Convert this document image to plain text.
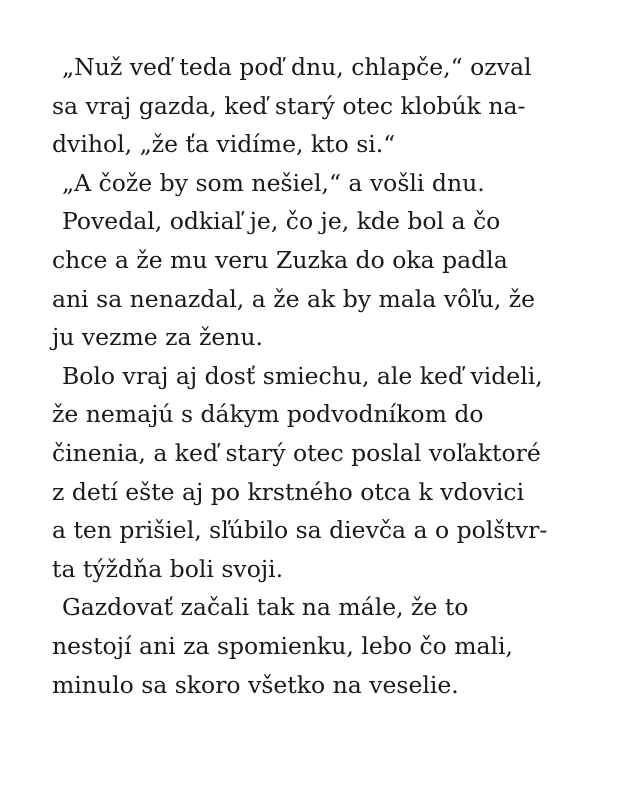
„Nuž veď teda poď dnu, chlapče,“ ozval
sa vraj gazda, keď starý otec klobúk na-
dvihol, „že ťa vidíme, kto si.“
„A čože by som nešiel,“ a vošli dnu.
Povedal, odkiaľ je, čo je, kde bol a čo
chce a že mu veru Zuzka do oka padla
ani sa nenazdal, a že ak by mala vôľu, že
ju vezme za ženu.
Bolo vraj aj dosť smiechu, ale keď videli,
že nemajú s dákym podvodníkom do
činenia, a keď starý otec poslal voľaktoré
z detí ešte aj po krstného otca k vdovici
a ten prišiel, sľúbilo sa dievča a o polštvr-
ta týždňa boli svoji.
Gazdovať začali tak na mále, že to
nestojí ani za spomienku, lebo čo mali,
minulo sa skoro všetko na veselie.
